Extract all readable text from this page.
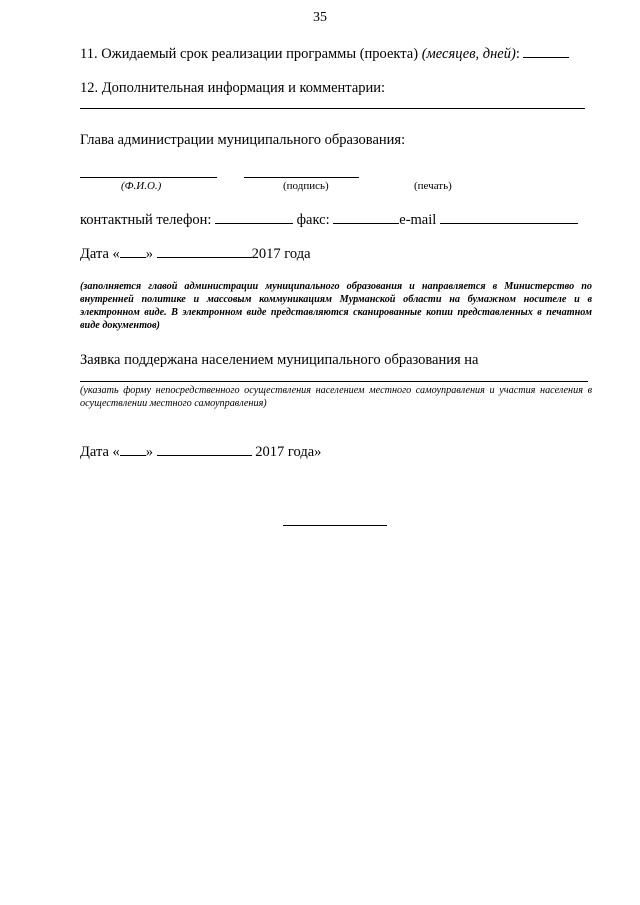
35
11. Ожидаемый срок реализации программы (проекта) (месяцев, дней):
12. Дополнительная информация и комментарии:
Глава администрации муниципального образования:
(Ф.И.О.)	(подпись)	(печать)
контактный телефон:	факс:	e-mail
Дата « »	2017 года
(заполняется главой администрации муниципального образования и направляется в Министерство по внутренней политике и массовым коммуникациям Мурманской области на бумажном носителе и в электронном виде. В электронном виде представляются сканированные копии представленных в печатном виде документов)
Заявка поддержана населением муниципального образования на
(указать форму непосредственного осуществления населением местного самоуправления и участия населения в осуществлении местного самоуправления)
Дата « »	2017 года»
